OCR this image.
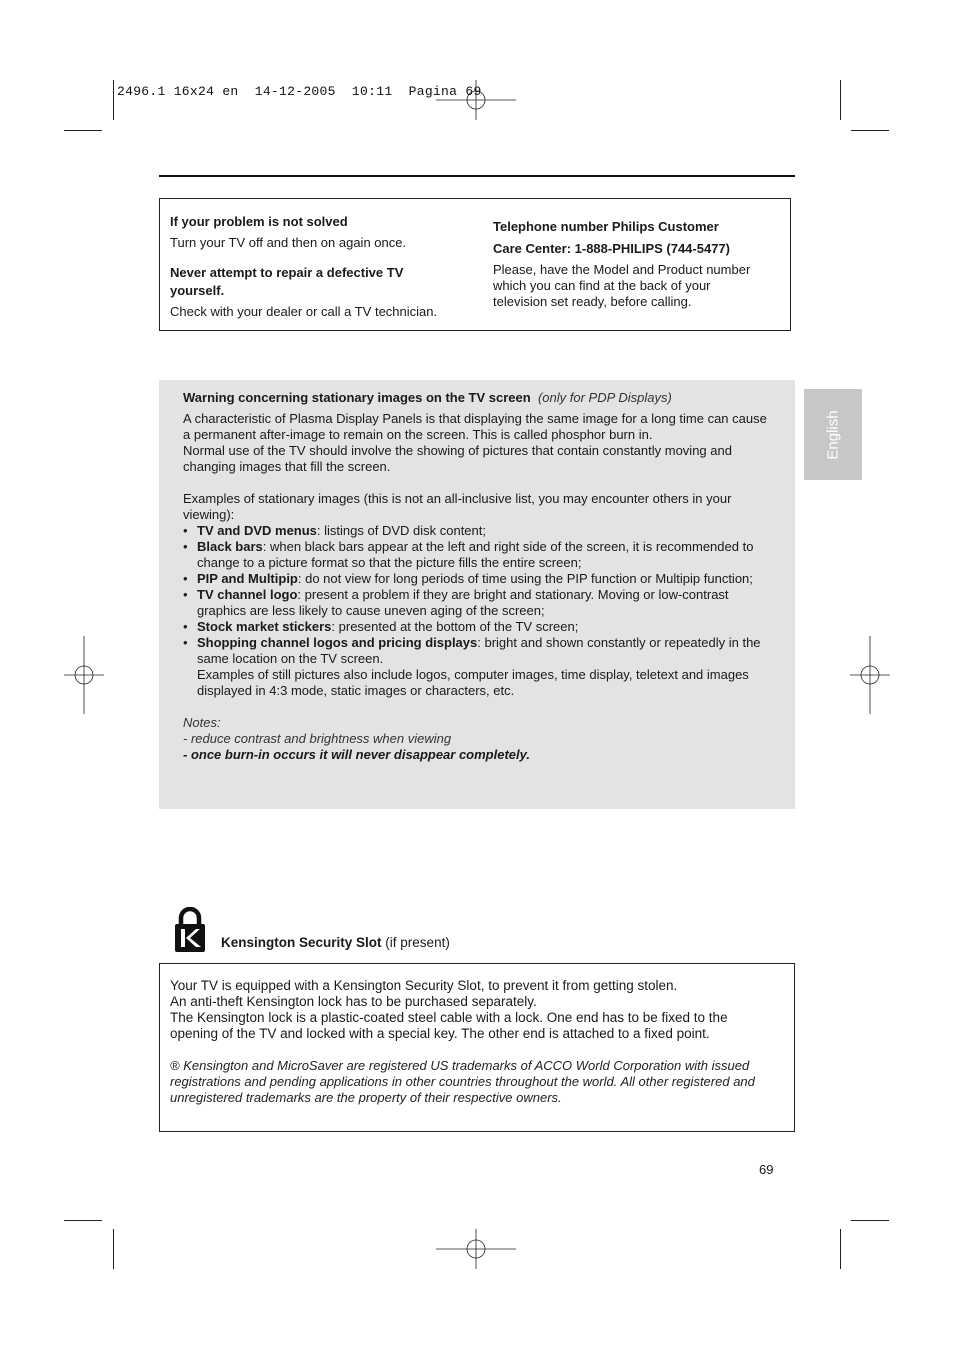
2496.1 16x24 en  14-12-2005  10:11  Pagina 69

If your problem is not solved

Turn your TV off and then on again once.

Never attempt to repair a defective TV yourself.

Check with your dealer or call a TV technician.

Telephone number Philips Customer

Care Center: 1-888-PHILIPS (744-5477)

Please, have the Model and Product number which you can find at the back of your television set ready, before calling.

Warning concerning stationary images on the TV screen (only for PDP Displays)

A characteristic of Plasma Display Panels is that displaying the same image for a long time can cause a permanent after-image to remain on the screen. This is called phosphor burn in.

Normal use of the TV should involve the showing of pictures that contain constantly moving and changing images that fill the screen.

Examples of stationary images (this is not an all-inclusive list, you may encounter others in your viewing):

• TV and DVD menus: listings of DVD disk content;
• Black bars: when black bars appear at the left and right side of the screen, it is recommended to change to a picture format so that the picture fills the entire screen;
• PIP and Multipip: do not view for long periods of time using the PIP function or Multipip function;
• TV channel logo: present a problem if they are bright and stationary. Moving or low-contrast graphics are less likely to cause uneven aging of the screen;
• Stock market stickers: presented at the bottom of the TV screen;
• Shopping channel logos and pricing displays: bright and shown constantly or repeatedly in the same location on the TV screen.

Examples of still pictures also include logos, computer images, time display, teletext and images displayed in 4:3 mode, static images or characters, etc.

Notes:

- reduce contrast and brightness when viewing

- once burn-in occurs it will never disappear completely.

English
Kensington Security Slot (if present)

Your TV is equipped with a Kensington Security Slot, to prevent it from getting stolen.

An anti-theft Kensington lock has to be purchased separately.

The Kensington lock is a plastic-coated steel cable with a lock. One end has to be fixed to the opening of the TV and locked with a special key. The other end is attached to a fixed point.

® Kensington and MicroSaver are registered US trademarks of ACCO World Corporation with issued registrations and pending applications in other countries throughout the world. All other registered and unregistered trademarks are the property of their respective owners.

69
